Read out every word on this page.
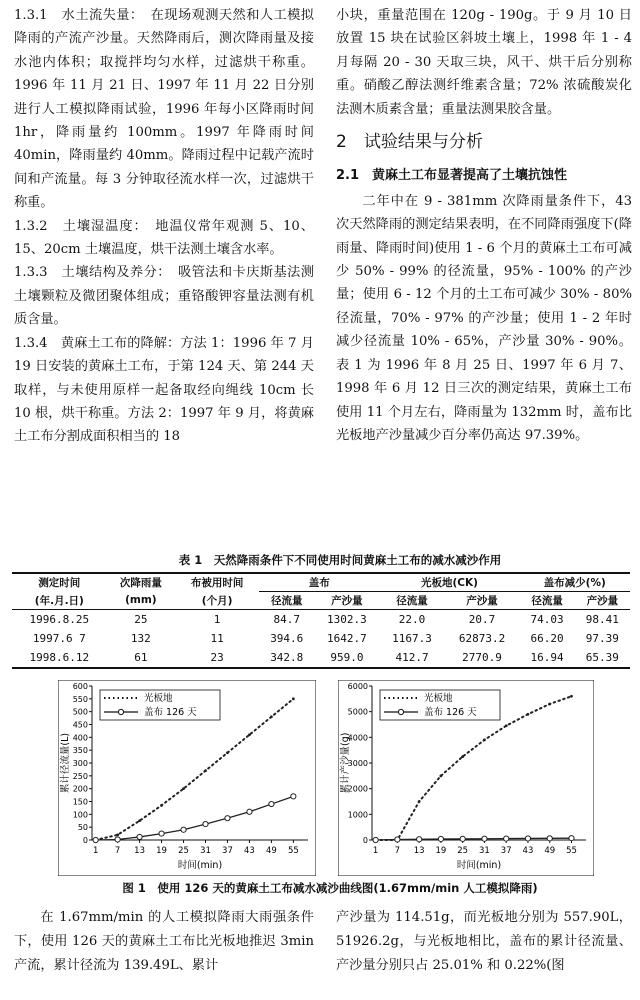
1.3.1　水土流失量：　在现场观测天然和人工模拟降雨的产流产沙量。天然降雨后，测次降雨量及接水池内体积；取搅拌均匀水样，过滤烘干称重。1996 年 11 月 21 日、1997 年 11 月 22 日分别进行人工模拟降雨试验，1996 年每小区降雨时间 1hr，降雨量约 100mm。1997 年降雨时间 40min，降雨量约 40mm。降雨过程中记载产流时间和产流量。每 3 分钟取径流水样一次，过滤烘干称重。

1.3.2　土壤湿温度：　地温仪常年观测 5、10、15、20cm 土壤温度，烘干法测土壤含水率。

1.3.3　土壤结构及养分：　吸管法和卡庆斯基法测土壤颗粒及微团聚体组成；重铬酸钾容量法测有机质含量。

1.3.4　黄麻土工布的降解：方法 1：1996 年 7 月 19 日安装的黄麻土工布，于第 124 天、第 244 天取样，与未使用原样一起备取经向绳线 10cm 长 10 根，烘干称重。方法 2：1997 年 9 月，将黄麻土工布分割成面积相当的 18

小块，重量范围在 120g - 190g。于 9 月 10 日放置 15 块在试验区斜坡土壤上，1998 年 1 - 4 月每隔 20 - 30 天取三块，风干、烘干后分别称重。硝酸乙醇法测纤维素含量；72% 浓硫酸炭化法测木质素含量；重量法测果胶含量。

2　试验结果与分析
2.1　黄麻土工布显著提高了土壤抗蚀性

二年中在 9 - 381mm 次降雨量条件下，43 次天然降雨的测定结果表明，在不同降雨强度下(降雨量、降雨时间)使用 1 - 6 个月的黄麻土工布可减少 50% - 99% 的径流量，95% - 100% 的产沙量；使用 6 - 12 个月的土工布可减少 30% - 80% 径流量，70% - 97% 的产沙量；使用 1 - 2 年时减少径流量 10% - 65%，产沙量 30% - 90%。表 1 为 1996 年 8 月 25 日、1997 年 6 月 7、1998 年 6 月 12 日三次的测定结果，黄麻土工布使用 11 个月左右，降雨量为 132mm 时，盖布比光板地产沙量减少百分率仍高达 97.39%。

表 1　天然降雨条件下不同使用时间黄麻土工布的减水减沙作用
测定时间	次降雨量	布被用时间	盖布		光板地(CK)		盖布减少(%)	
(年.月.日)	(mm)	(个月)	径流量	产沙量	径流量	产沙量	径流量	产沙量
1996.8.25	25	1	84.7	1302.3	22.0	20.7	74.03	98.41
1997.6 7	132	11	394.6	1642.7	1167.3	62873.2	66.20	97.39
1998.6.12	61	23	342.8	959.0	412.7	2770.9	16.94	65.39
0
50
100
150
200
250
300
350
400
450
500
550
600
1 7 13 19 25 31 37 43 49 55
时间(min)
累计径流量(L)
光板地
盖布 126 天
0
1000
2000
3000
4000
5000
6000
1 7 13 19 25 31 37 43 49 55
时间(min)
累计产沙量(g)
光板地
盖布 126 天
图 1　使用 126 天的黄麻土工布减水减沙曲线图(1.67mm/min 人工模拟降雨)

在 1.67mm/min 的人工模拟降雨大雨强条件下，使用 126 天的黄麻土工布比光板地推迟 3min 产流，累计径流为 139.49L、累计

产沙量为 114.51g，而光板地分别为 557.90L，51926.2g，与光板地相比，盖布的累计径流量、产沙量分别只占 25.01% 和 0.22%(图
